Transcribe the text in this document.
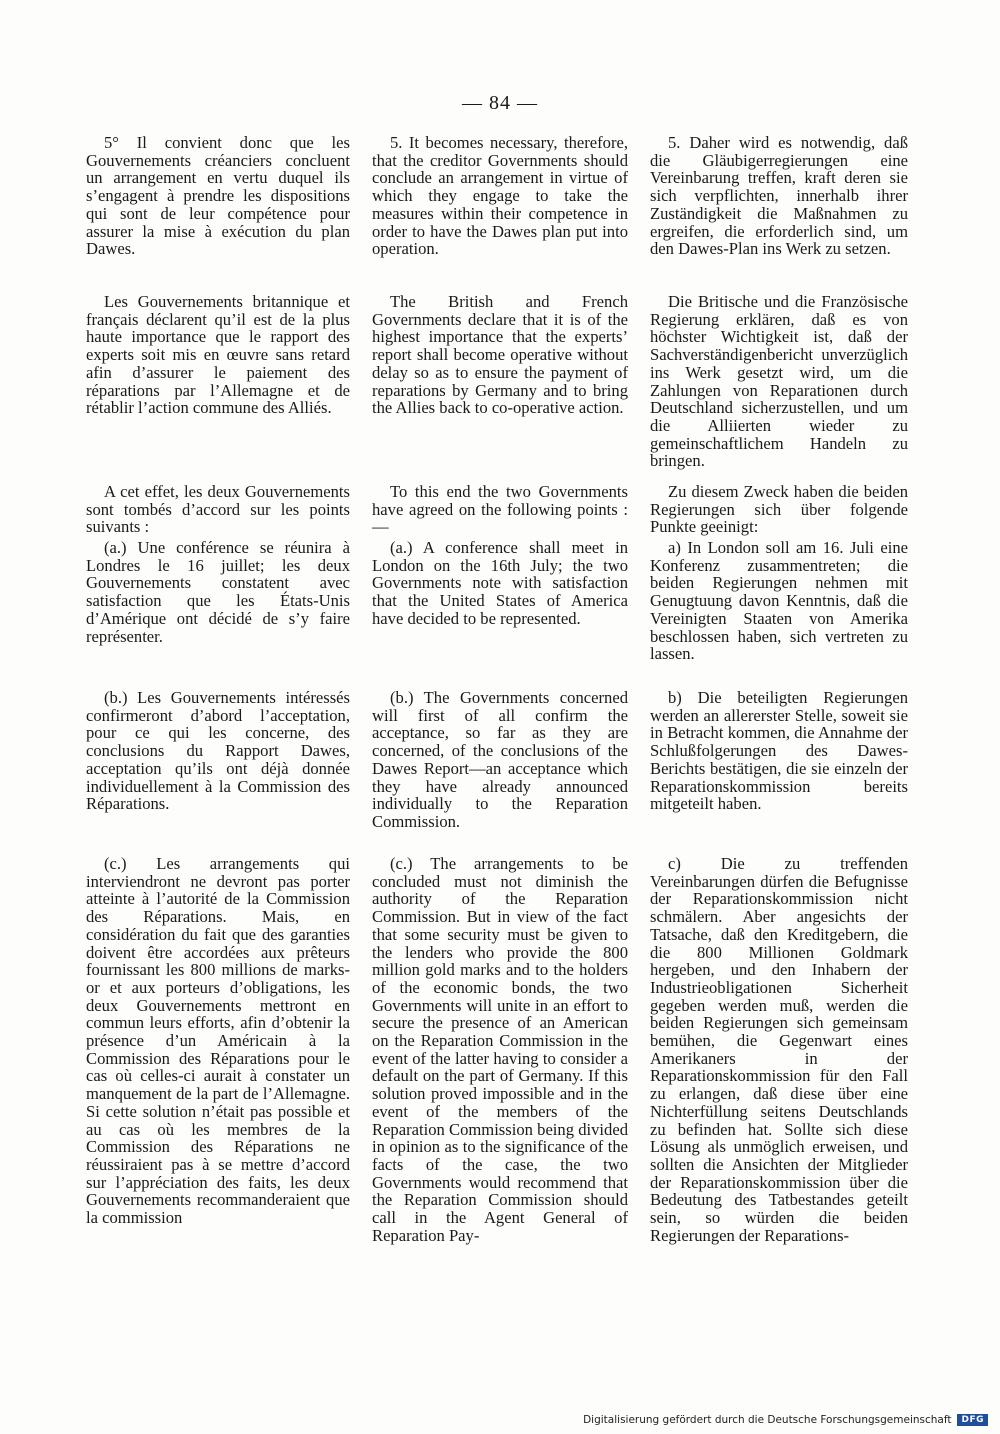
— 84 —

5° Il convient donc que les Gouvernements créanciers concluent un arrangement en vertu duquel ils s’engagent à prendre les dispositions qui sont de leur compétence pour assurer la mise à exécution du plan Dawes.

Les Gouvernements britannique et français déclarent qu’il est de la plus haute importance que le rapport des experts soit mis en œuvre sans retard afin d’assurer le paiement des réparations par l’Allemagne et de rétablir l’action commune des Alliés.

A cet effet, les deux Gouvernements sont tombés d’accord sur les points suivants :

(a.) Une conférence se réunira à Londres le 16 juillet; les deux Gouvernements constatent avec satisfaction que les États-Unis d’Amérique ont décidé de s’y faire représenter.

(b.) Les Gouvernements intéressés confirmeront d’abord l’acceptation, pour ce qui les concerne, des conclusions du Rapport Dawes, acceptation qu’ils ont déjà donnée individuellement à la Commission des Réparations.

(c.) Les arrangements qui interviendront ne devront pas porter atteinte à l’autorité de la Commission des Réparations. Mais, en considération du fait que des garanties doivent être accordées aux prêteurs fournissant les 800 millions de marks-or et aux porteurs d’obligations, les deux Gouvernements mettront en commun leurs efforts, afin d’obtenir la présence d’un Américain à la Commission des Réparations pour le cas où celles-ci aurait à constater un manquement de la part de l’Allemagne. Si cette solution n’était pas possible et au cas où les membres de la Commission des Réparations ne réussiraient pas à se mettre d’accord sur l’appréciation des faits, les deux Gouvernements recommanderaient que la commission

5. It becomes necessary, therefore, that the creditor Governments should conclude an arrangement in virtue of which they engage to take the measures within their competence in order to have the Dawes plan put into operation.

The British and French Governments declare that it is of the highest importance that the experts’ report shall become operative without delay so as to ensure the payment of reparations by Germany and to bring the Allies back to co-operative action.

To this end the two Governments have agreed on the following points :—

(a.) A conference shall meet in London on the 16th July; the two Governments note with satisfaction that the United States of America have decided to be represented.

(b.) The Governments concerned will first of all confirm the acceptance, so far as they are concerned, of the conclusions of the Dawes Report—an acceptance which they have already announced individually to the Reparation Commission.

(c.) The arrangements to be concluded must not diminish the authority of the Reparation Commission. But in view of the fact that some security must be given to the lenders who provide the 800 million gold marks and to the holders of the economic bonds, the two Governments will unite in an effort to secure the presence of an American on the Reparation Commission in the event of the latter having to consider a default on the part of Germany. If this solution proved impossible and in the event of the members of the Reparation Commission being divided in opinion as to the significance of the facts of the case, the two Governments would recommend that the Reparation Commission should call in the Agent General of Reparation Pay-

5. Daher wird es notwendig, daß die Gläubigerregierungen eine Vereinbarung treffen, kraft deren sie sich verpflichten, innerhalb ihrer Zuständigkeit die Maßnahmen zu ergreifen, die erforderlich sind, um den Dawes-Plan ins Werk zu setzen.

Die Britische und die Französische Regierung erklären, daß es von höchster Wichtigkeit ist, daß der Sachverständigenbericht unverzüglich ins Werk gesetzt wird, um die Zahlungen von Reparationen durch Deutschland sicherzustellen, und um die Alliierten wieder zu gemeinschaftlichem Handeln zu bringen.

Zu diesem Zweck haben die beiden Regierungen sich über folgende Punkte geeinigt:

a) In London soll am 16. Juli eine Konferenz zusammentreten; die beiden Regierungen nehmen mit Genugtuung davon Kenntnis, daß die Vereinigten Staaten von Amerika beschlossen haben, sich vertreten zu lassen.

b) Die beteiligten Regierungen werden an allererster Stelle, soweit sie in Betracht kommen, die Annahme der Schlußfolgerungen des Dawes-Berichts bestätigen, die sie einzeln der Reparationskommission bereits mitgeteilt haben.

c) Die zu treffenden Vereinbarungen dürfen die Befugnisse der Reparationskommission nicht schmälern. Aber angesichts der Tatsache, daß den Kreditgebern, die die 800 Millionen Goldmark hergeben, und den Inhabern der Industrieobligationen Sicherheit gegeben werden muß, werden die beiden Regierungen sich gemeinsam bemühen, die Gegenwart eines Amerikaners in der Reparationskommission für den Fall zu erlangen, daß diese über eine Nichterfüllung seitens Deutschlands zu befinden hat. Sollte sich diese Lösung als unmöglich erweisen, und sollten die Ansichten der Mitglieder der Reparationskommission über die Bedeutung des Tatbestandes geteilt sein, so würden die beiden Regierungen der Reparations-

Digitalisierung gefördert durch die Deutsche Forschungsgemeinschaft	DFG
